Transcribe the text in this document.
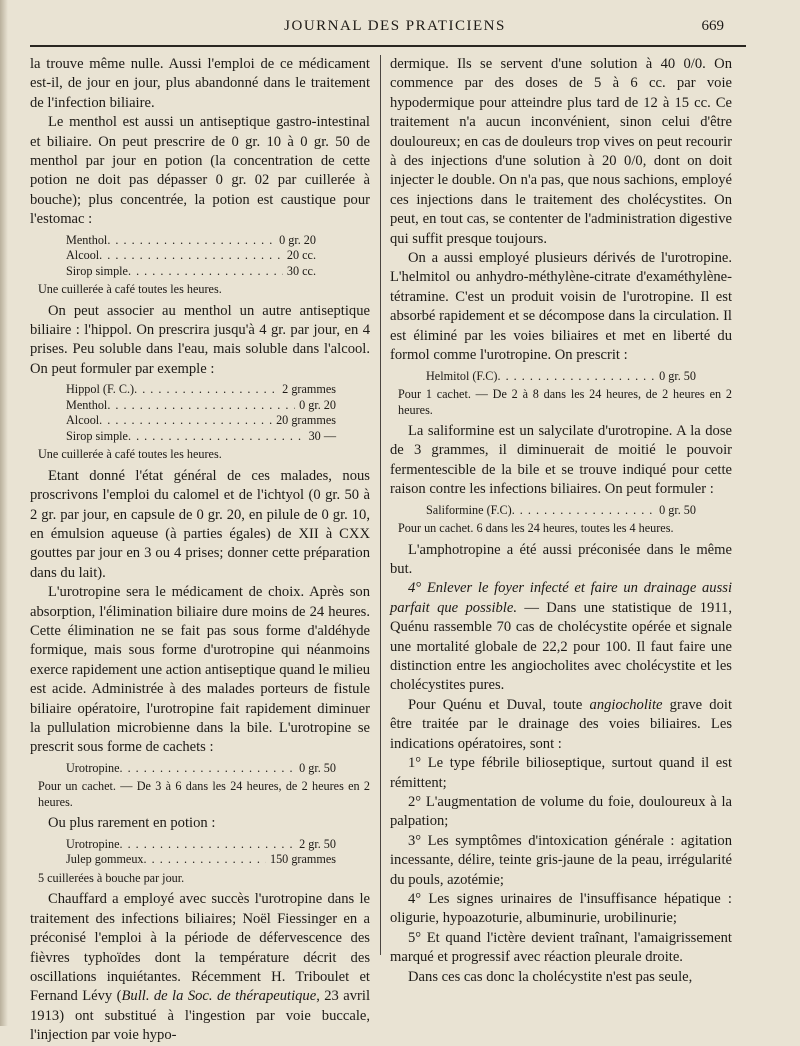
JOURNAL DES PRATICIENS	669

la trouve même nulle. Aussi l'emploi de ce médicament est-il, de jour en jour, plus abandonné dans le traitement de l'infection biliaire.

Le menthol est aussi un antiseptique gastro-intestinal et biliaire. On peut prescrire de 0 gr. 10 à 0 gr. 50 de menthol par jour en potion (la concentration de cette potion ne doit pas dépasser 0 gr. 02 par cuillerée à bouche); plus concentrée, la potion est caustique pour l'estomac :

Menthol . . .	0 gr. 20
Alcool . . .	20 cc.
Sirop simple . . .	30 cc.
Une cuillerée à café toutes les heures.

On peut associer au menthol un autre antiseptique biliaire : l'hippol. On prescrira jusqu'à 4 gr. par jour, en 4 prises. Peu soluble dans l'eau, mais soluble dans l'alcool. On peut formuler par exemple :

Hippol (F. C.) . . .	2 grammes
Menthol . . .	0 gr. 20
Alcool . . .	20 grammes
Sirop simple . . .	30 —
Une cuillerée à café toutes les heures.

Etant donné l'état général de ces malades, nous proscrivons l'emploi du calomel et de l'ichtyol (0 gr. 50 à 2 gr. par jour, en capsule de 0 gr. 20, en pilule de 0 gr. 10, en émulsion aqueuse (à parties égales) de XII à CXX gouttes par jour en 3 ou 4 prises; donner cette préparation dans du lait).

L'urotropine sera le médicament de choix. Après son absorption, l'élimination biliaire dure moins de 24 heures. Cette élimination ne se fait pas sous forme d'aldéhyde formique, mais sous forme d'urotropine qui néanmoins exerce rapidement une action antiseptique quand le milieu est acide. Administrée à des malades porteurs de fistule biliaire opératoire, l'urotropine fait rapidement diminuer la pullulation microbienne dans la bile. L'urotropine se prescrit sous forme de cachets :

Urotropine . . .	0 gr. 50
Pour un cachet. — De 3 à 6 dans les 24 heures, de 2 heures en 2 heures.

Ou plus rarement en potion :

Urotropine . . .	2 gr. 50
Julep gommeux . . .	150 grammes
5 cuillerées à bouche par jour.

Chauffard a employé avec succès l'urotropine dans le traitement des infections biliaires; Noël Fiessinger en a préconisé l'emploi à la période de défervescence des fièvres typhoïdes dont la température décrit des oscillations inquiétantes. Récemment H. Triboulet et Fernand Lévy (Bull. de la Soc. de thérapeutique, 23 avril 1913) ont substitué à l'ingestion par voie buccale, l'injection par voie hypo-

dermique. Ils se servent d'une solution à 40 0/0. On commence par des doses de 5 à 6 cc. par voie hypodermique pour atteindre plus tard de 12 à 15 cc. Ce traitement n'a aucun inconvénient, sinon celui d'être douloureux; en cas de douleurs trop vives on peut recourir à des injections d'une solution à 20 0/0, dont on doit injecter le double. On n'a pas, que nous sachions, employé ces injections dans le traitement des cholécystites. On peut, en tout cas, se contenter de l'administration digestive qui suffit presque toujours.

On a aussi employé plusieurs dérivés de l'urotropine. L'helmitol ou anhydro-méthylène-citrate d'examéthylène-tétramine. C'est un produit voisin de l'urotropine. Il est absorbé rapidement et se décompose dans la circulation. Il est éliminé par les voies biliaires et met en liberté du formol comme l'urotropine. On prescrit :

Helmitol (F.C) . . .	0 gr. 50
Pour 1 cachet. — De 2 à 8 dans les 24 heures, de 2 heures en 2 heures.

La saliformine est un salycilate d'urotropine. A la dose de 3 grammes, il diminuerait de moitié le pouvoir fermentescible de la bile et se trouve indiqué pour cette raison contre les infections biliaires. On peut formuler :

Saliformine (F.C) . . .	0 gr. 50
Pour un cachet. 6 dans les 24 heures, toutes les 4 heures.

L'amphotropine a été aussi préconisée dans le même but.

4° Enlever le foyer infecté et faire un drainage aussi parfait que possible. — Dans une statistique de 1911, Quénu rassemble 70 cas de cholécystite opérée et signale une mortalité globale de 22,2 pour 100. Il faut faire une distinction entre les angiocholites avec cholécystite et les cholécystites pures.

Pour Quénu et Duval, toute angiocholite grave doit être traitée par le drainage des voies biliaires. Les indications opératoires, sont :

1° Le type fébrile bilioseptique, surtout quand il est rémittent;

2° L'augmentation de volume du foie, douloureux à la palpation;

3° Les symptômes d'intoxication générale : agitation incessante, délire, teinte gris-jaune de la peau, irrégularité du pouls, azotémie;

4° Les signes urinaires de l'insuffisance hépatique : oligurie, hypoazoturie, albuminurie, urobilinurie;

5° Et quand l'ictère devient traînant, l'amaigrissement marqué et progressif avec réaction pleurale droite.

Dans ces cas donc la cholécystite n'est pas seule,
